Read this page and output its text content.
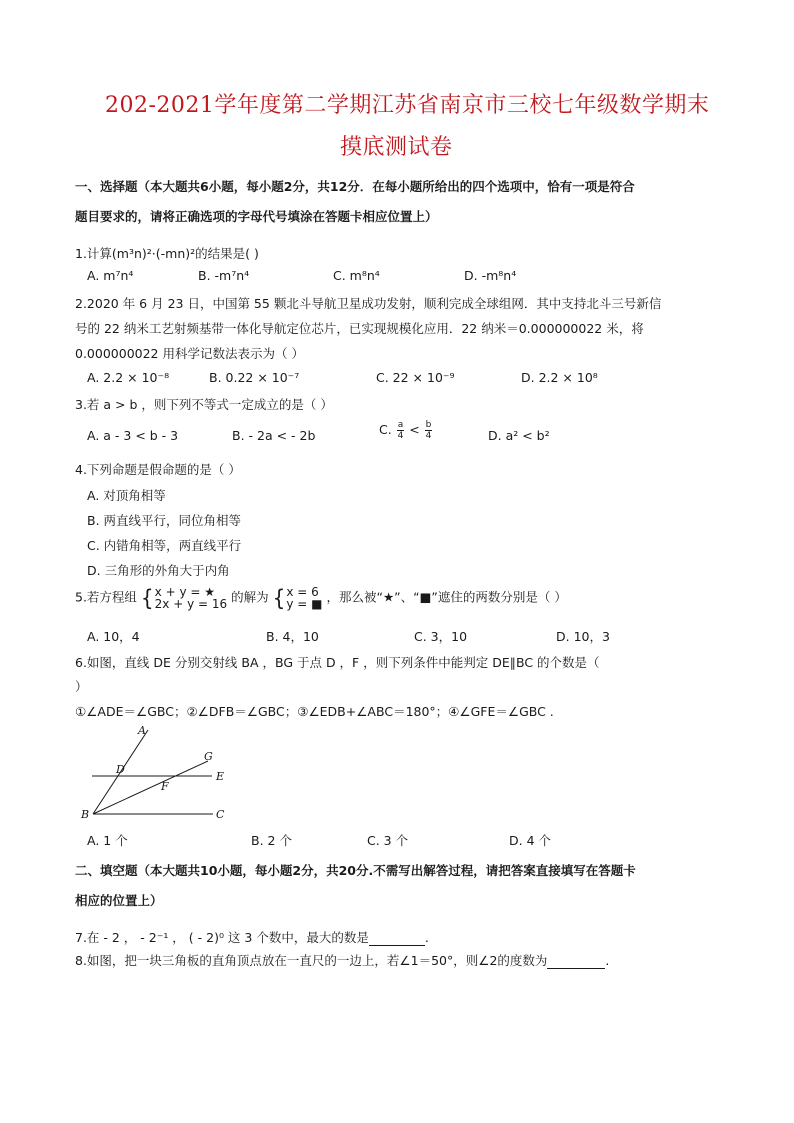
202-2021学年度第二学期江苏省南京市三校七年级数学期末
摸底测试卷
一、选择题（本大题共6小题，每小题2分，共12分．在每小题所给出的四个选项中，恰有一项是符合
题目要求的，请将正确选项的字母代号填涂在答题卡相应位置上）
1.计算(m³n)²·(-mn)²的结果是( )
A. m⁷n⁴	B. -m⁷n⁴	C. m⁸n⁴	D. -m⁸n⁴
2.2020 年 6 月 23 日，中国第 55 颗北斗导航卫星成功发射，顺利完成全球组网．其中支持北斗三号新信
号的 22 纳米工艺射频基带一体化导航定位芯片，已实现规模化应用．22 纳米＝0.000000022 米，将
0.000000022 用科学记数法表示为（ ）
A. 2.2 × 10⁻⁸	B. 0.22 × 10⁻⁷	C. 22 × 10⁻⁹	D. 2.2 × 10⁸
3.若 a > b ，则下列不等式一定成立的是（ ）
A. a - 3 < b - 3	B. - 2a < - 2b	C. $\frac{a}{4} < \frac{b}{4}$	D. a² < b²
4.下列命题是假命题的是（ ）
A. 对顶角相等
B. 两直线平行，同位角相等
C. 内错角相等，两直线平行
D. 三角形的外角大于内角
5.若方程组 { x + y = ★
2x + y = 16 的解为 { x = 6
y = ■ ，那么被“★”、“■”遮住的两数分别是（ ）
A. 10，4	B. 4，10	C. 3，10	D. 10，3
6.如图，直线 DE 分别交射线 BA ，BG 于点 D ，F ，则下列条件中能判定 DE∥BC 的个数是（
）
①∠ADE＝∠GBC；②∠DFB＝∠GBC；③∠EDB+∠ABC＝180°；④∠GFE＝∠GBC .
A
G
D
E
F
B	C
A. 1 个	B. 2 个	C. 3 个	D. 4 个
二、填空题（本大题共10小题，每小题2分，共20分.不需写出解答过程，请把答案直接填写在答题卡
相应的位置上）
7.在 - 2 ， - 2⁻¹ ， ( - 2)⁰ 这 3 个数中，最大的数是	.
8.如图，把一块三角板的直角顶点放在一直尺的一边上，若∠1＝50°，则∠2的度数为	.
